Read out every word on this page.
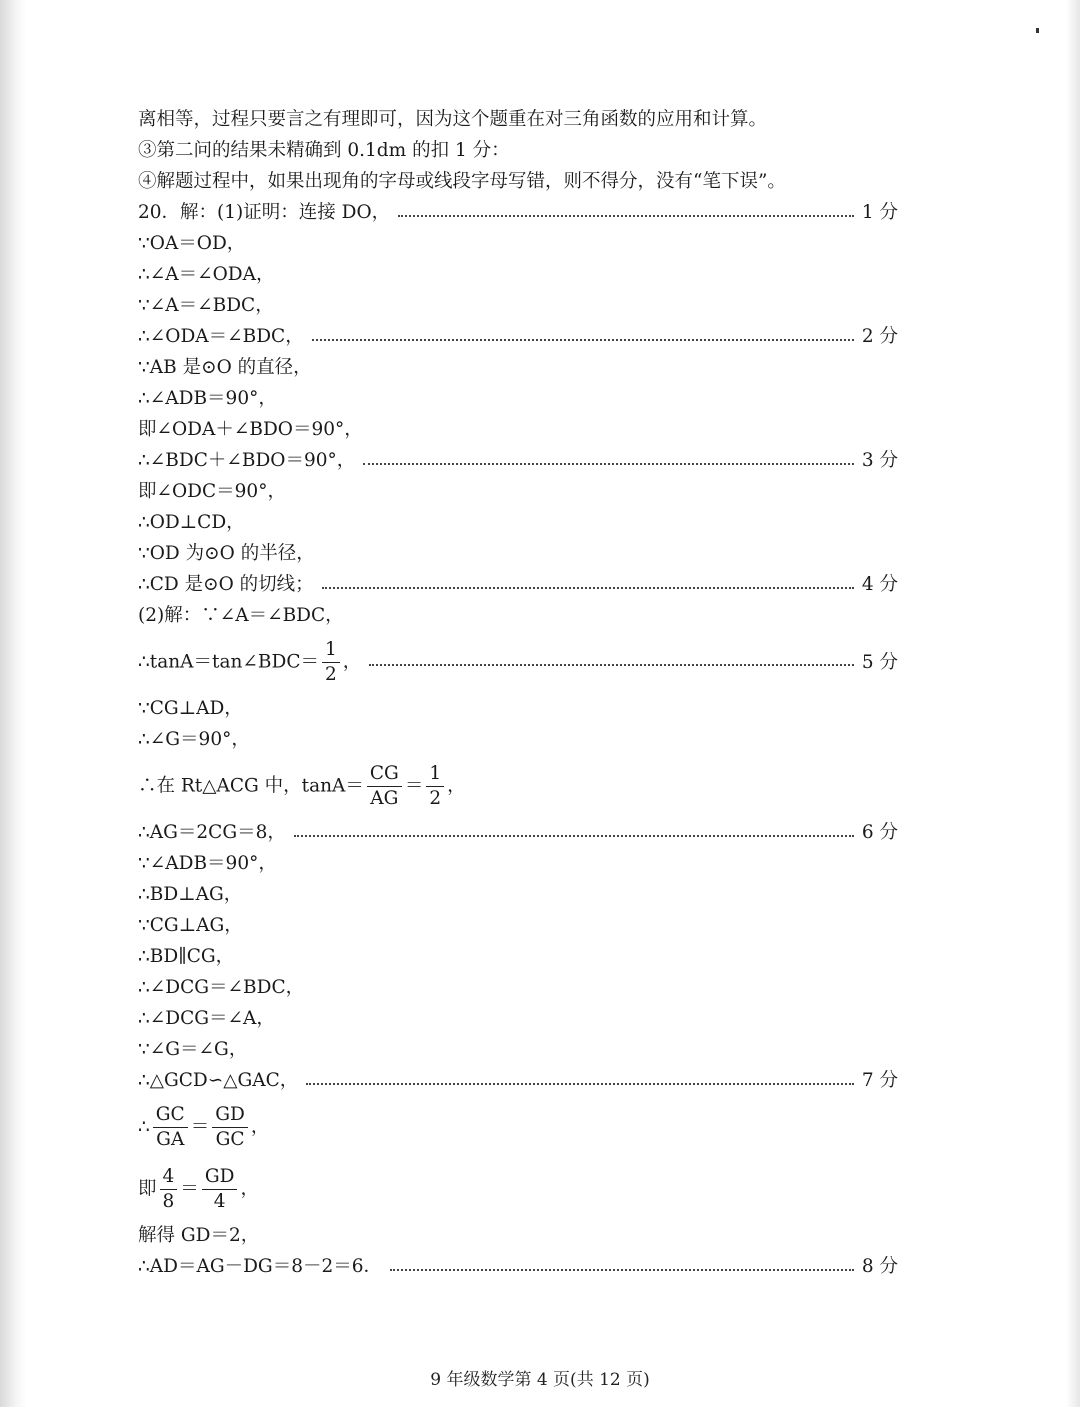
离相等，过程只要言之有理即可，因为这个题重在对三角函数的应用和计算。
③第二问的结果未精确到 0.1dm 的扣 1 分：
④解题过程中，如果出现角的字母或线段字母写错，则不得分，没有“笔下误”。
20．解：(1)证明：连接 DO，	1 分
∵OA＝OD，
∴∠A＝∠ODA，
∵∠A＝∠BDC，
∴∠ODA＝∠BDC，	2 分
∵AB 是⊙O 的直径，
∴∠ADB＝90°，
即∠ODA＋∠BDO＝90°，
∴∠BDC＋∠BDO＝90°，	3 分
即∠ODC＝90°，
∴OD⊥CD，
∵OD 为⊙O 的半径，
∴CD 是⊙O 的切线；	4 分
(2)解：∵∠A＝∠BDC，
∴tanA＝tan∠BDC＝ $\frac{1}{2}$ ，	5 分
∵CG⊥AD，
∴∠G＝90°，
∴在 Rt△ACG 中，$\tan A= \frac{CG}{AG} = \frac{1}{2}$ ，
∴AG＝2CG＝8，	6 分
∵∠ADB＝90°，
∴BD⊥AG，
∵CG⊥AG，
∴BD∥CG，
∴∠DCG＝∠BDC，
∴∠DCG＝∠A，
∵∠G＝∠G，
∴△GCD∽△GAC，	7 分
∴ $\frac{GC}{GA} = \frac{GD}{GC}$ ，
即 $\frac{4}{8} = \frac{GD}{4}$ ，
解得 GD＝2，
∴AD＝AG－DG＝8－2＝6．	8 分
9 年级数学第 4 页(共 12 页)
